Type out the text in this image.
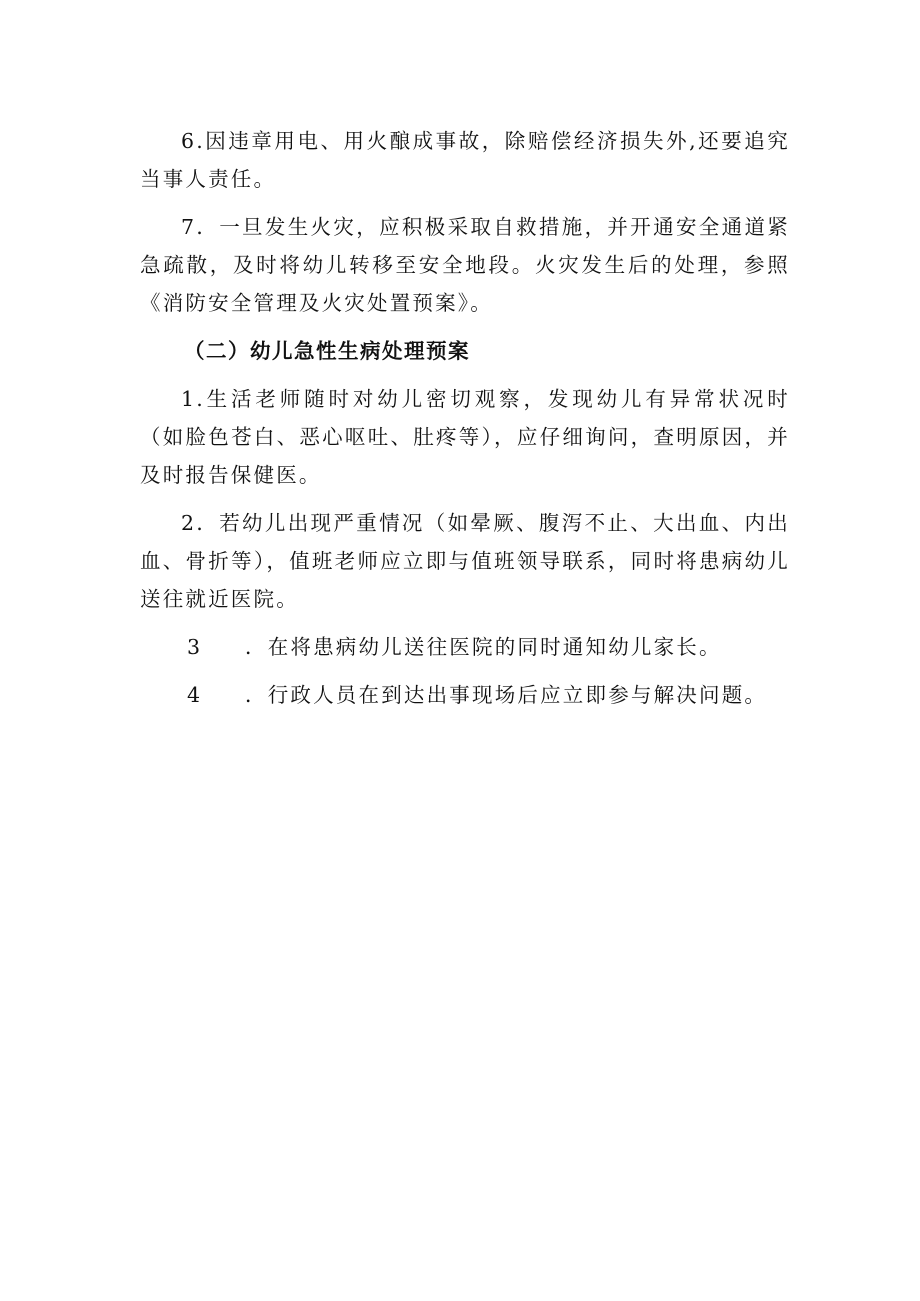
6.因违章用电、用火酿成事故，除赔偿经济损失外,还要追究当事人责任。

7．一旦发生火灾，应积极采取自救措施，并开通安全通道紧急疏散，及时将幼儿转移至安全地段。火灾发生后的处理，参照《消防安全管理及火灾处置预案》。

（二）幼儿急性生病处理预案

1.生活老师随时对幼儿密切观察，发现幼儿有异常状况时（如脸色苍白、恶心呕吐、肚疼等），应仔细询问，查明原因，并及时报告保健医。

2．若幼儿出现严重情况（如晕厥、腹泻不止、大出血、内出血、骨折等），值班老师应立即与值班领导联系，同时将患病幼儿送往就近医院。

3 ．在将患病幼儿送往医院的同时通知幼儿家长。
4 ．行政人员在到达出事现场后应立即参与解决问题。
